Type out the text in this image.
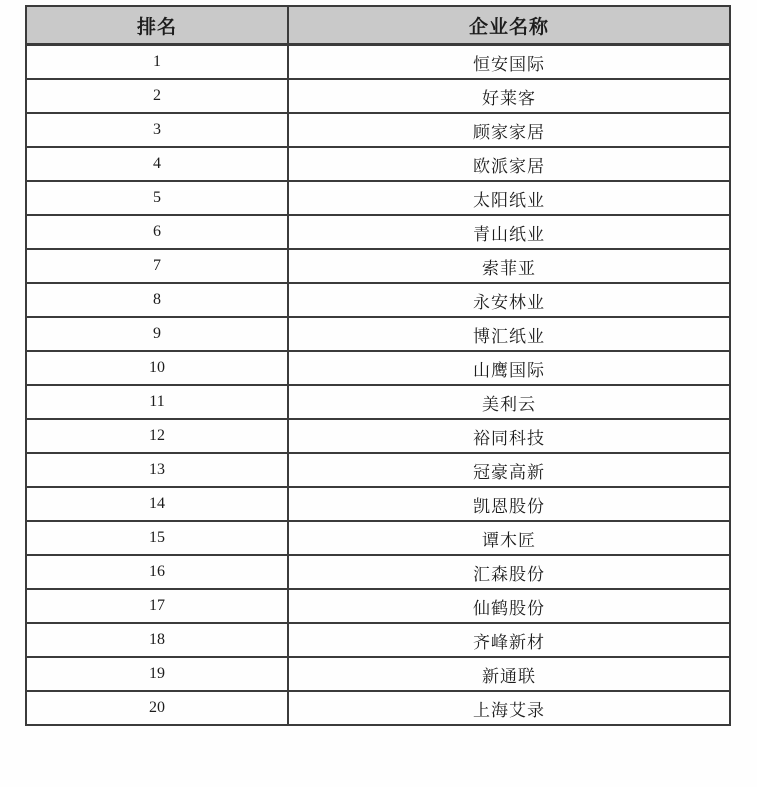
排名	企业名称
1	恒安国际
2	好莱客
3	顾家家居
4	欧派家居
5	太阳纸业
6	青山纸业
7	索菲亚
8	永安林业
9	博汇纸业
10	山鹰国际
11	美利云
12	裕同科技
13	冠豪高新
14	凯恩股份
15	谭木匠
16	汇森股份
17	仙鹤股份
18	齐峰新材
19	新通联
20	上海艾录
